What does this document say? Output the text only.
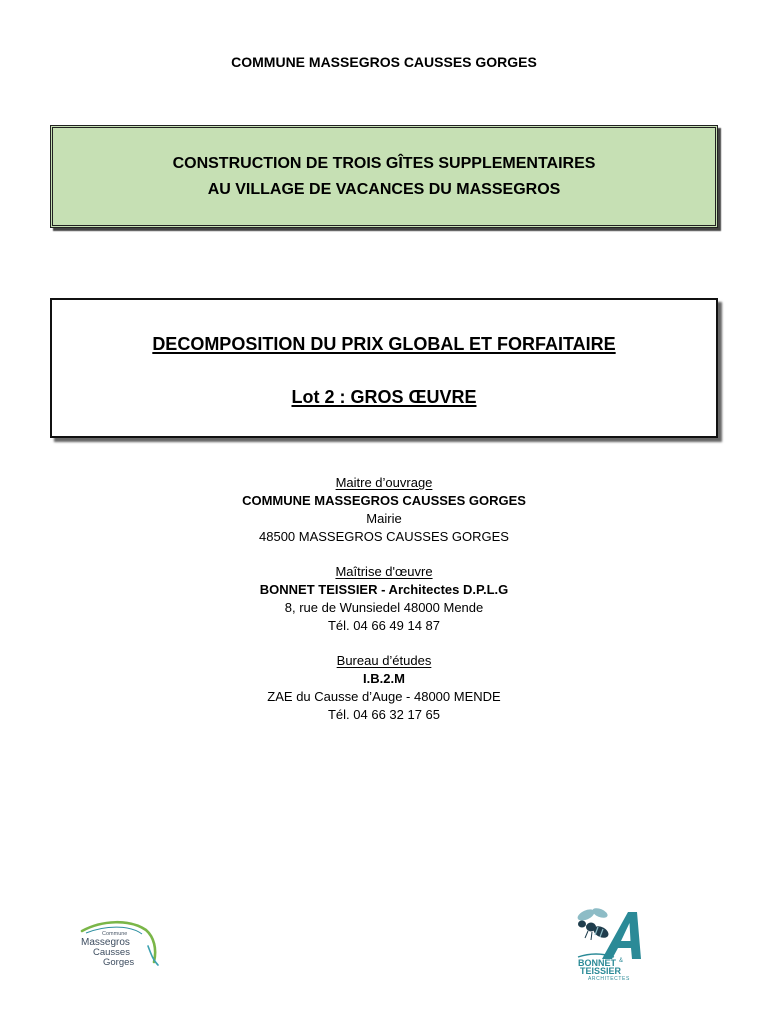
COMMUNE MASSEGROS CAUSSES GORGES
CONSTRUCTION DE TROIS GÎTES SUPPLEMENTAIRES
AU VILLAGE DE VACANCES DU MASSEGROS
DECOMPOSITION DU PRIX GLOBAL ET FORFAITAIRE
Lot 2 : GROS ŒUVRE
Maitre d’ouvrage
COMMUNE MASSEGROS CAUSSES GORGES
Mairie
48500 MASSEGROS CAUSSES GORGES
Maîtrise d'œuvre
BONNET TEISSIER - Architectes D.P.L.G
8, rue de Wunsiedel 48000 Mende
Tél. 04 66 49 14 87
Bureau d’études
I.B.2.M
ZAE du Causse d’Auge - 48000 MENDE
Tél. 04 66 32 17 65
Commune
Massegros
Causses
Gorges	BONNET &
TEISSIER
ARCHITECTES
